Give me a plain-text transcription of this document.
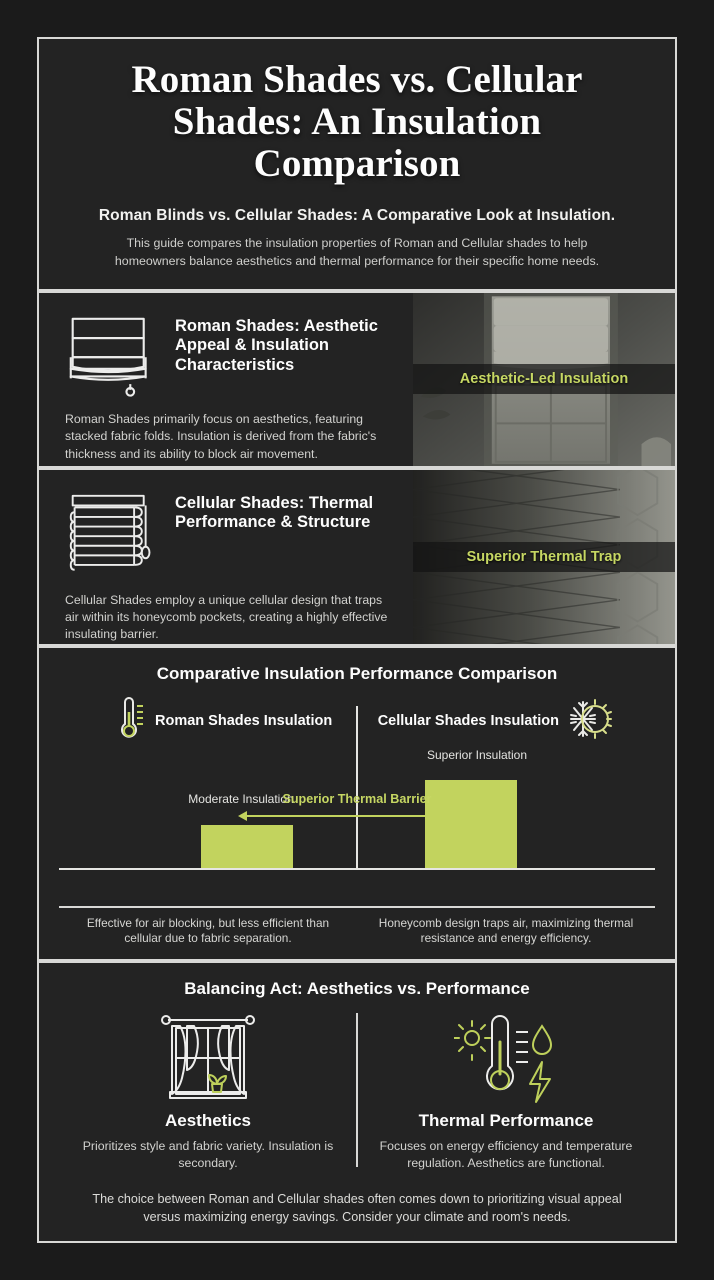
Roman Shades vs. Cellular Shades: An Insulation Comparison
Roman Blinds vs. Cellular Shades: A Comparative Look at Insulation.
This guide compares the insulation properties of Roman and Cellular shades to help homeowners balance aesthetics and thermal performance for their specific home needs.
Roman Shades: Aesthetic Appeal & Insulation Characteristics
Roman Shades primarily focus on aesthetics, featuring stacked fabric folds. Insulation is derived from the fabric's thickness and its ability to block air movement.
Aesthetic-Led Insulation
Cellular Shades: Thermal Performance & Structure
Cellular Shades employ a unique cellular design that traps air within its honeycomb pockets, creating a highly effective insulating barrier.
Superior Thermal Trap
Comparative Insulation Performance Comparison
Roman Shades Insulation	Cellular Shades Insulation
Moderate Insulation
Superior Insulation
Superior Thermal Barrier
Effective for air blocking, but less efficient than cellular due to fabric separation.
Honeycomb design traps air, maximizing thermal resistance and energy efficiency.
Balancing Act: Aesthetics vs. Performance
Aesthetics
Prioritizes style and fabric variety. Insulation is secondary.
Thermal Performance
Focuses on energy efficiency and temperature regulation. Aesthetics are functional.
The choice between Roman and Cellular shades often comes down to prioritizing visual appeal versus maximizing energy savings. Consider your climate and room's needs.
